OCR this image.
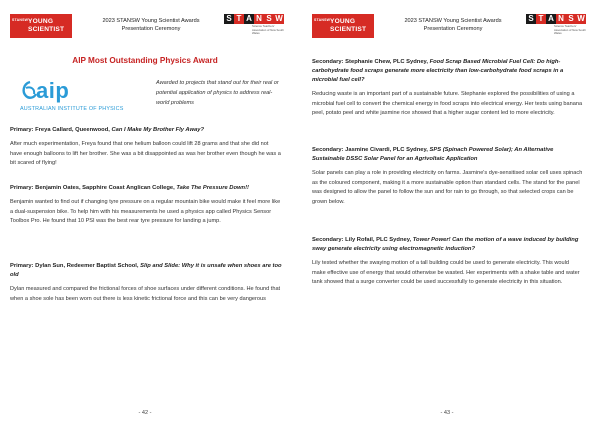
STANSW YOUNG
SCIENTIST
2023 STANSW Young Scientist Awards
Presentation Ceremony
S T A N S W
Science Teachers' Association of New South Wales
AIP Most Outstanding Physics Award
aip
AUSTRALIAN INSTITUTE OF PHYSICS
Awarded to projects that stand out for their real or potential application of physics to address real-world problems
Primary: Freya Callard, Queenwood, Can I Make My Brother Fly Away?
After much experimentation, Freya found that one helium balloon could lift 28 grams and that she did not have enough balloons to lift her brother. She was a bit disappointed as was her brother even though he was a bit scared of flying!
Primary: Benjamin Oates, Sapphire Coast Anglican College, Take The Pressure Down!!
Benjamin wanted to find out if changing tyre pressure on a regular mountain bike would make it feel more like a dual-suspension bike. To help him with his measurements he used a physics app called Physics Sensor Toolbox Pro. He found that 10 PSI was the best rear tyre pressure for landing a jump.
Primary: Dylan Sun, Redeemer Baptist School, Slip and Slide: Why it is unsafe when shoes are too old
Dylan measured and compared the frictional forces of shoe surfaces under different conditions. He found that when a shoe sole has been worn out there is less kinetic frictional force and this can be very dangerous
- 42 -
STANSW YOUNG
SCIENTIST
2023 STANSW Young Scientist Awards
Presentation Ceremony
S T A N S W
Science Teachers' Association of New South Wales
Secondary: Stephanie Chew, PLC Sydney, Food Scrap Based Microbial Fuel Cell: Do high-carbohydrate food scraps generate more electricity than low-carbohydrate food scraps in a microbial fuel cell?
Reducing waste is an important part of a sustainable future. Stephanie explored the possibilities of using a microbial fuel cell to convert the chemical energy in food scraps into electrical energy. Her tests using banana peel, potato peel and white jasmine rice showed that a higher sugar content led to more electricity.
Secondary: Jasmine Civardi, PLC Sydney, SPS (Spinach Powered Solar); An Alternative Sustainable DSSC Solar Panel for an Agrivoltaic Application
Solar panels can play a role in providing electricity on farms. Jasmine's dye-sensitised solar cell uses spinach as the coloured component, making it a more sustainable option than standard cells. The stand for the panel was designed to allow the panel to follow the sun and for rain to go through, so that selected crops can be grown below.
Secondary: Lily Rofail, PLC Sydney, Tower Power! Can the motion of a wave induced by building sway generate electricity using electromagnetic induction?
Lily tested whether the swaying motion of a tall building could be used to generate electricity. This would make effective use of energy that would otherwise be wasted. Her experiments with a shake table and water tank showed that a surge converter could be used successfully to generate electricity in this situation.
- 43 -
